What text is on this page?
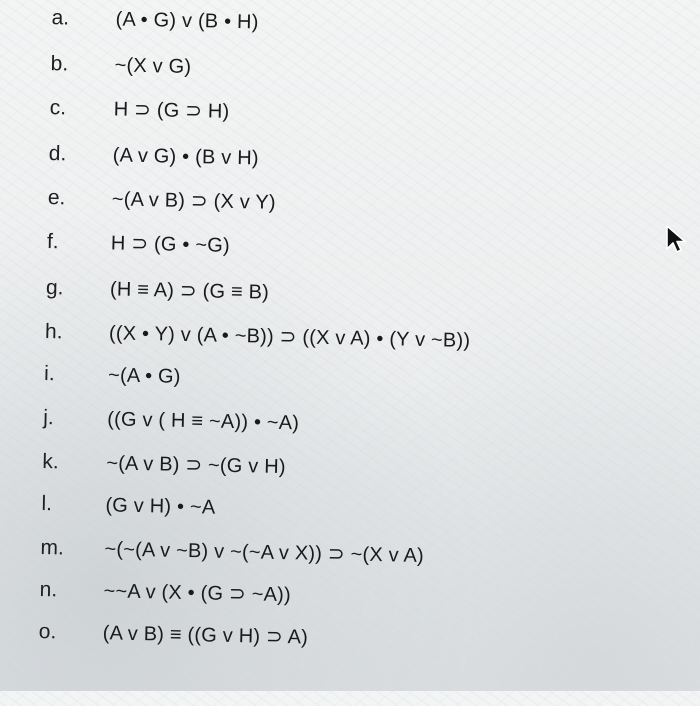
a. (A • G) v (B • H)
b. ~(X v G)
c. H ⊃ (G ⊃ H)
d. (A v G) • (B v H)
e. ~(A v B) ⊃ (X v Y)
f.	H ⊃ (G • ~G)
g. (H ≡ A) ⊃ (G ≡ B)
h. ((X • Y) v (A • ~B)) ⊃ ((X v A) • (Y v ~B))
i.	~(A • G)
j.	((G v ( H ≡ ~A)) • ~A)
k. ~(A v B) ⊃ ~(G v H)
l.	(G v H) • ~A
m. ~(~(A v ~B) v ~(~A v X)) ⊃ ~(X v A)
n. ~~A v (X • (G ⊃ ~A))
o. (A v B) ≡ ((G v H) ⊃ A)
